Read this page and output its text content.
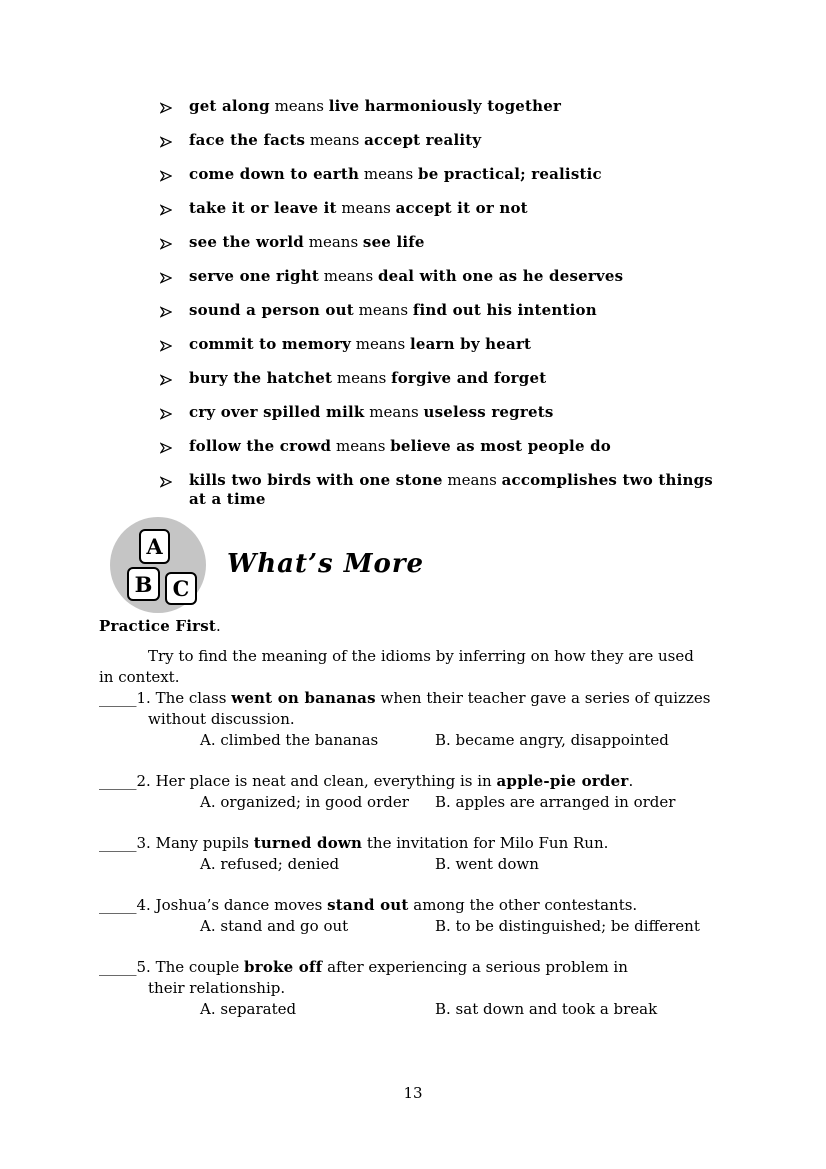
get along means live harmoniously together
face the facts means accept reality
come down to earth means be practical; realistic
take it or leave it means accept it or not
see the world means see life
serve one right means deal with one as he deserves
sound a person out means find out his intention
commit to memory means learn by heart
bury the hatchet means forgive and forget
cry over spilled milk means useless regrets
follow the crowd means believe as most people do
kills two birds with one stone means accomplishes two things at a time
A
B C
What’s More
Practice First.
Try to find the meaning of the idioms by inferring on how they are used
in context.
_____1. The class went on bananas when their teacher gave a series of quizzes
without discussion.
A. climbed the bananas	B. became angry, disappointed
_____2. Her place is neat and clean, everything is in apple-pie order.
A. organized; in good order	B. apples are arranged in order
_____3. Many pupils turned down the invitation for Milo Fun Run.
A. refused; denied	B. went down
_____4. Joshua’s dance moves stand out among the other contestants.
A. stand and go out	B. to be distinguished; be different
_____5. The couple broke off after experiencing a serious problem in
their relationship.
A. separated	B. sat down and took a break
13
